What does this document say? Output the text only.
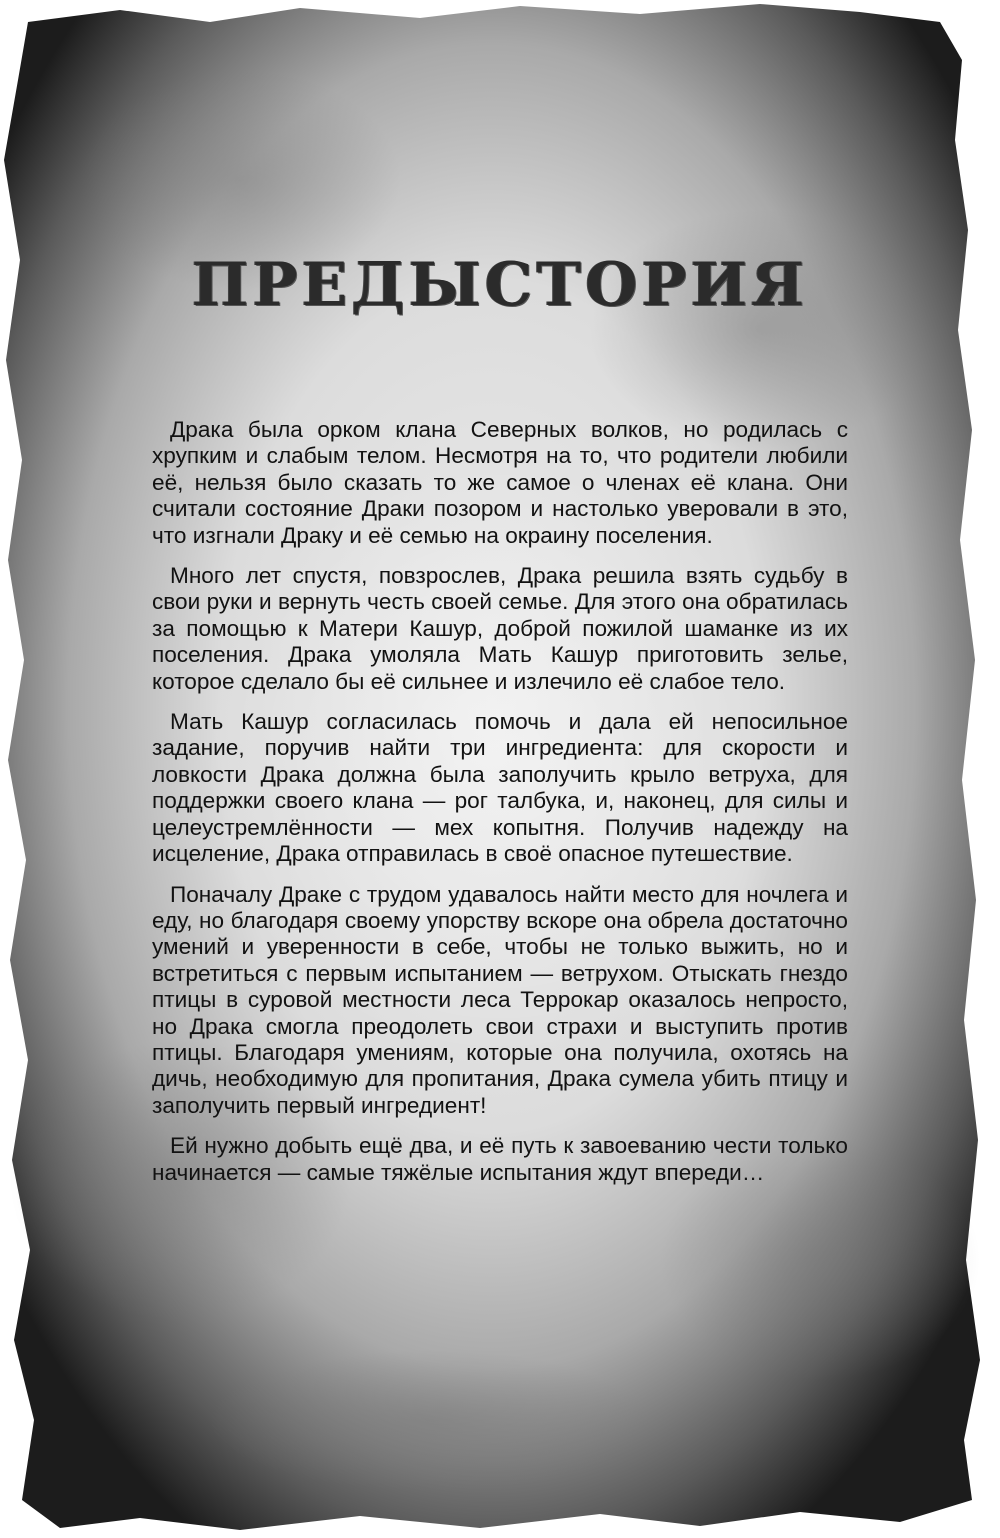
ПРЕДЫСТОРИЯ

Драка была орком клана Северных волков, но родилась с хрупким и слабым телом. Несмотря на то, что родители любили её, нельзя было сказать то же самое о членах её клана. Они считали состояние Драки позором и настолько уверовали в это, что изгнали Драку и её семью на окраину поселения.

Много лет спустя, повзрослев, Драка решила взять судьбу в свои руки и вернуть честь своей семье. Для этого она обратилась за помощью к Матери Кашур, доброй пожилой шаманке из их поселения. Драка умоляла Мать Кашур приготовить зелье, которое сделало бы её сильнее и излечило её слабое тело.

Мать Кашур согласилась помочь и дала ей непосильное задание, поручив найти три ингредиента: для скорости и ловкости Драка должна была заполучить крыло ветруха, для поддержки своего клана — рог талбука, и, наконец, для силы и целеустремлённости — мех копытня. Получив надежду на исцеление, Драка отправилась в своё опасное путешествие.

Поначалу Драке с трудом удавалось найти место для ночлега и еду, но благодаря своему упорству вскоре она обрела достаточно умений и уверенности в себе, чтобы не только выжить, но и встретиться с первым испытанием — ветрухом. Отыскать гнездо птицы в суровой местности леса Террокар оказалось непросто, но Драка смогла преодолеть свои страхи и выступить против птицы. Благодаря умениям, которые она получила, охотясь на дичь, необходимую для пропитания, Драка сумела убить птицу и заполучить первый ингредиент!

Ей нужно добыть ещё два, и её путь к завоеванию чести только начинается — самые тяжёлые испытания ждут впереди…
